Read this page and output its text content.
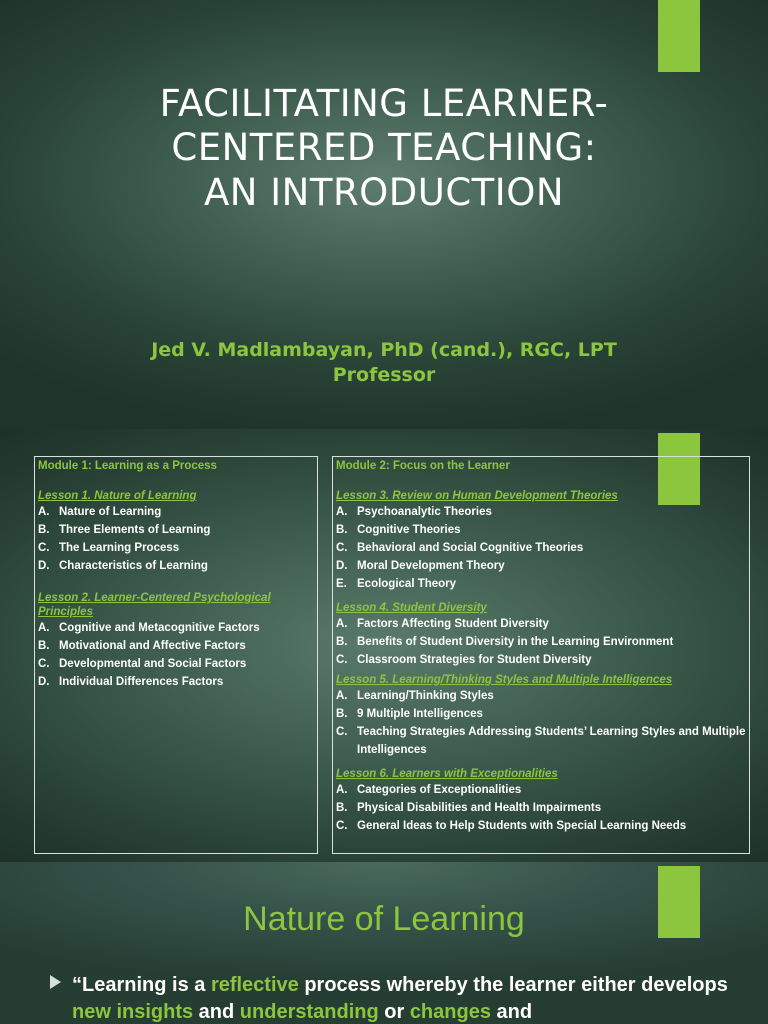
FACILITATING LEARNER-
CENTERED TEACHING:
AN INTRODUCTION
Jed V. Madlambayan, PhD (cand.), RGC, LPT
Professor
Module 1: Learning as a Process
Lesson 1. Nature of Learning
A. Nature of Learning
B. Three Elements of Learning
C. The Learning Process
D. Characteristics of Learning
Lesson 2. Learner-Centered Psychological Principles
A. Cognitive and Metacognitive Factors
B. Motivational and Affective Factors
C. Developmental and Social Factors
D. Individual Differences Factors
Module 2: Focus on the Learner
Lesson 3. Review on Human Development Theories
A. Psychoanalytic Theories
B. Cognitive Theories
C. Behavioral and Social Cognitive Theories
D. Moral Development Theory
E. Ecological Theory
Lesson 4. Student Diversity
A. Factors Affecting Student Diversity
B. Benefits of Student Diversity in the Learning Environment
C. Classroom Strategies for Student Diversity
Lesson 5. Learning/Thinking Styles and Multiple Intelligences
A. Learning/Thinking Styles
B. 9 Multiple Intelligences
C. Teaching Strategies Addressing Students’ Learning Styles and Multiple Intelligences
Lesson 6. Learners with Exceptionalities
A. Categories of Exceptionalities
B. Physical Disabilities and Health Impairments
C. General Ideas to Help Students with Special Learning Needs
Nature of Learning
“Learning is a reflective process whereby the learner either develops new insights and understanding or changes and
